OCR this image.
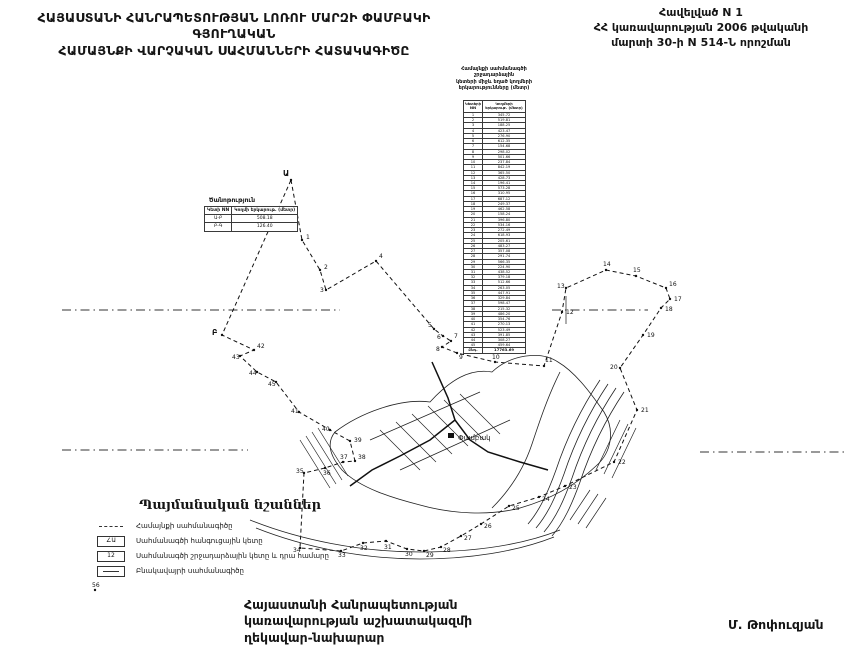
ՀԱՅԱՍՏԱՆԻ ՀԱՆՐԱՊԵՏՈՒԹՅԱՆ ԼՈՌՈՒ ՄԱՐԶԻ ՓԱՄԲԱԿԻ ԳՅՈՒՂԱԿԱՆ
ՀԱՄԱՅՆՔԻ ՎԱՐՉԱԿԱՆ ՍԱՀՄԱՆՆԵՐԻ ՀԱՏԱԿԱԳԻԾԸ
Հավելված N 1
ՀՀ կառավարության 2006 թվականի
մարտի 30-ի N 514-Ն որոշման
Փամբակ
Ա
Բ
1
2
3
4
5
6 7
8
9	10	11
12
13
14
15
16
17
18
19
20
21
22
23
24
25
26
27
28
29
30
31
32
33
34
35	36
37 38
39
40
41
42
43
44
45
56
Համայնքի սահմանագծի շրջադարձային
կետերի միջև եղած կողմերի
երկարությունները (մետր)
Կետերի NN	Կողմերի երկարութ. (մետր)
1	345.72
2	519.81
3	188.25
4	423.47
5	276.90
6	612.35
7	154.68
8	298.02
9	501.66
10	237.84
11	842.19
12	365.50
13	428.73
14	196.41
15	573.28
16	310.95
17	687.12
18	249.37
19	462.58
20	158.24
21	396.80
22	534.16
23	272.49
24	618.93
25	205.61
26	483.27
27	357.08
28	291.74
29	566.35
30	224.90
31	438.52
32	379.18
33	512.66
34	263.05
35	447.91
36	329.84
37	598.47
38	215.32
39	486.20
40	354.76
41	270.13
42	523.49
43	391.85
44	308.27
45	459.64
Ընդ.	17763.69
Ծանոթություն
Կետի NN	Կողմի երկարութ. (մետր)
Ա-Բ	508.18
Բ-Գ	126.40
Պայմանական նշաններ
Համայնքի սահմանագիծը
∠Ա	Սահմանագծի հանգուցային կետը
12	Սահմանագծի շրջադարձային կետը և դրա համարը
Բնակավայրի սահմանագիծը
Հայաստանի Հանրապետության
կառավարության աշխատակազմի
ղեկավար-նախարար
Մ. Թոփուզյան
